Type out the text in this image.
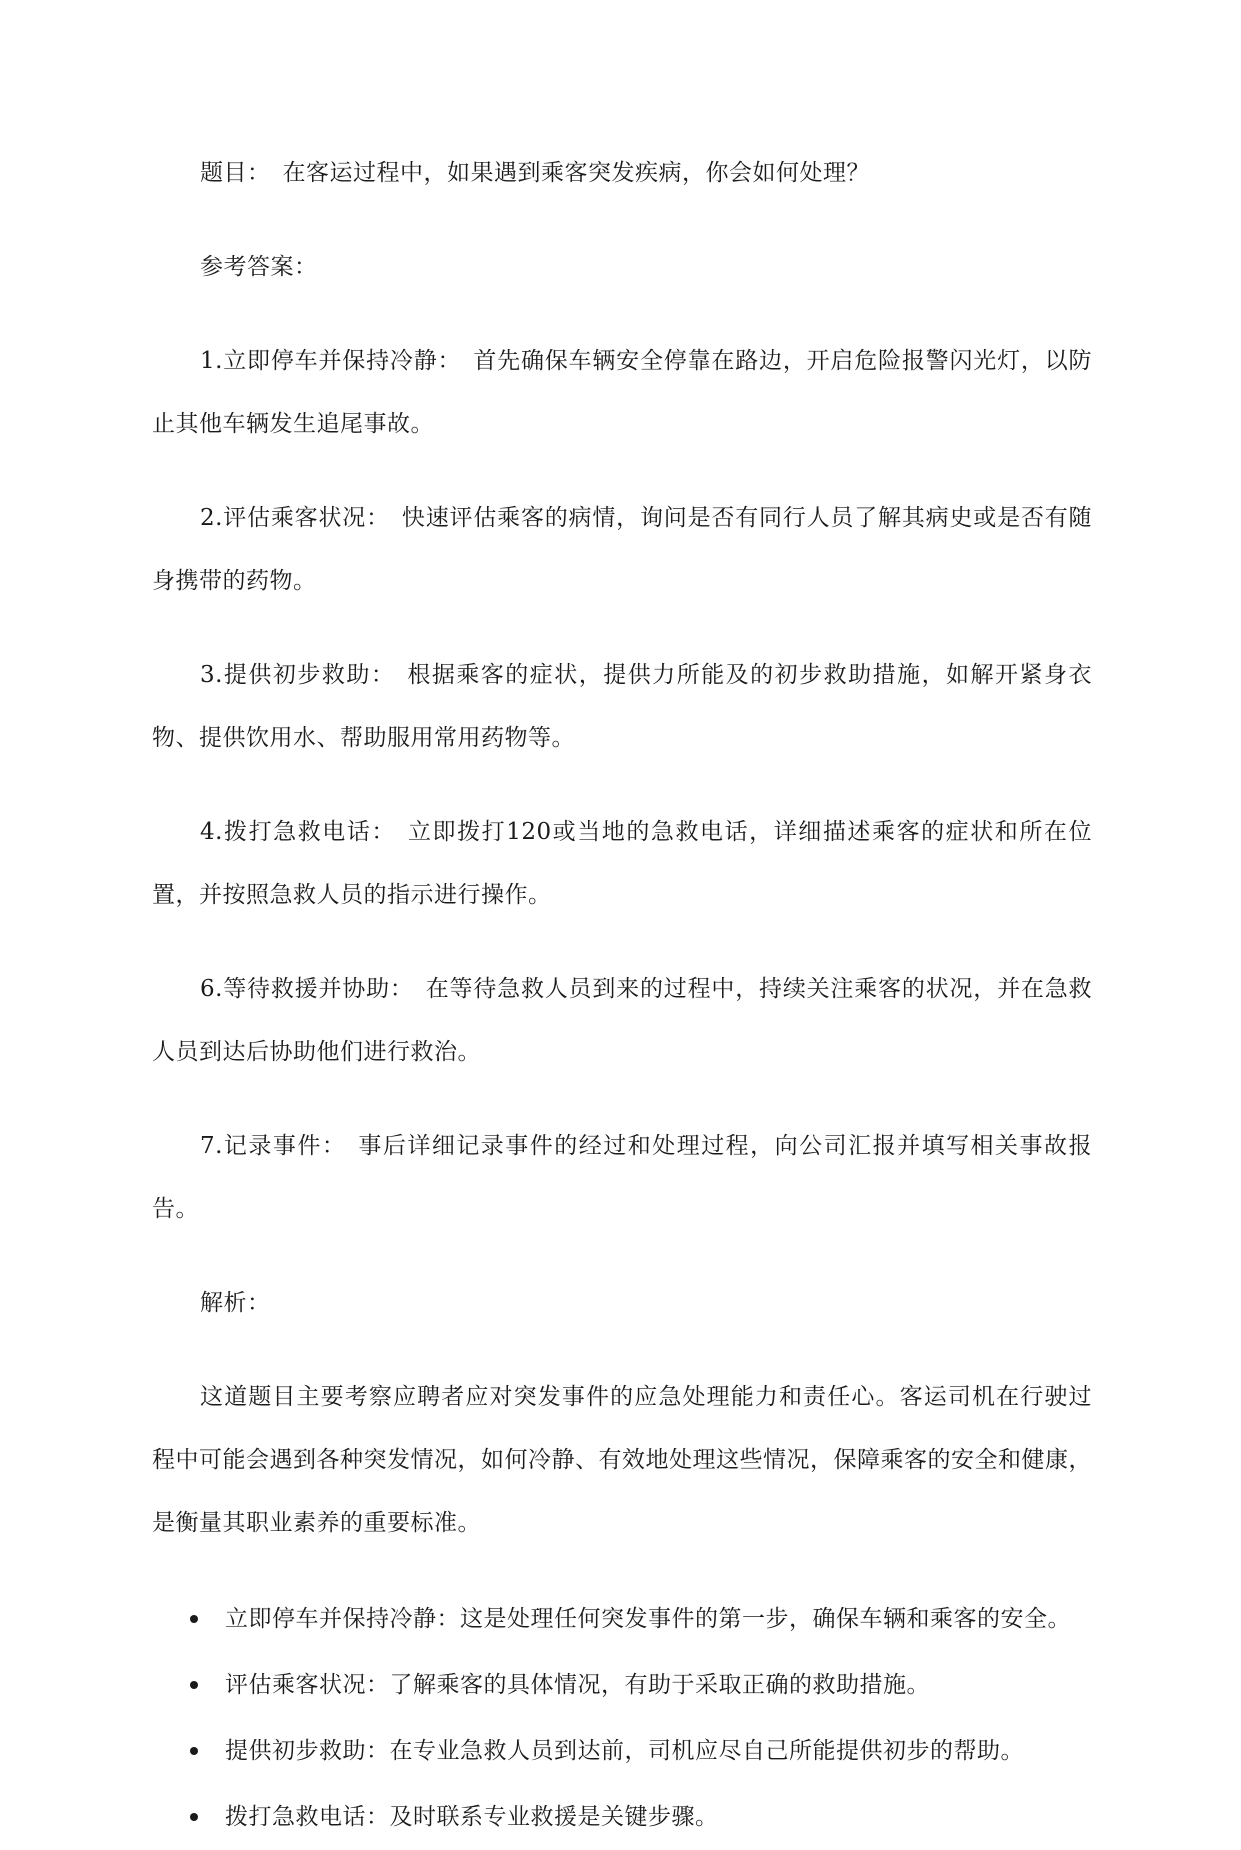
题目： 在客运过程中，如果遇到乘客突发疾病，你会如何处理？

参考答案：

1.立即停车并保持冷静： 首先确保车辆安全停靠在路边，开启危险报警闪光灯，以防止其他车辆发生追尾事故。

2.评估乘客状况： 快速评估乘客的病情，询问是否有同行人员了解其病史或是否有随身携带的药物。

3.提供初步救助： 根据乘客的症状，提供力所能及的初步救助措施，如解开紧身衣物、提供饮用水、帮助服用常用药物等。

4.拨打急救电话： 立即拨打120或当地的急救电话，详细描述乘客的症状和所在位置，并按照急救人员的指示进行操作。

6.等待救援并协助： 在等待急救人员到来的过程中，持续关注乘客的状况，并在急救人员到达后协助他们进行救治。

7.记录事件： 事后详细记录事件的经过和处理过程，向公司汇报并填写相关事故报告。

解析：

这道题目主要考察应聘者应对突发事件的应急处理能力和责任心。客运司机在行驶过程中可能会遇到各种突发情况，如何冷静、有效地处理这些情况，保障乘客的安全和健康，是衡量其职业素养的重要标准。

立即停车并保持冷静：这是处理任何突发事件的第一步，确保车辆和乘客的安全。
评估乘客状况：了解乘客的具体情况，有助于采取正确的救助措施。
提供初步救助：在专业急救人员到达前，司机应尽自己所能提供初步的帮助。
拨打急救电话：及时联系专业救援是关键步骤。
